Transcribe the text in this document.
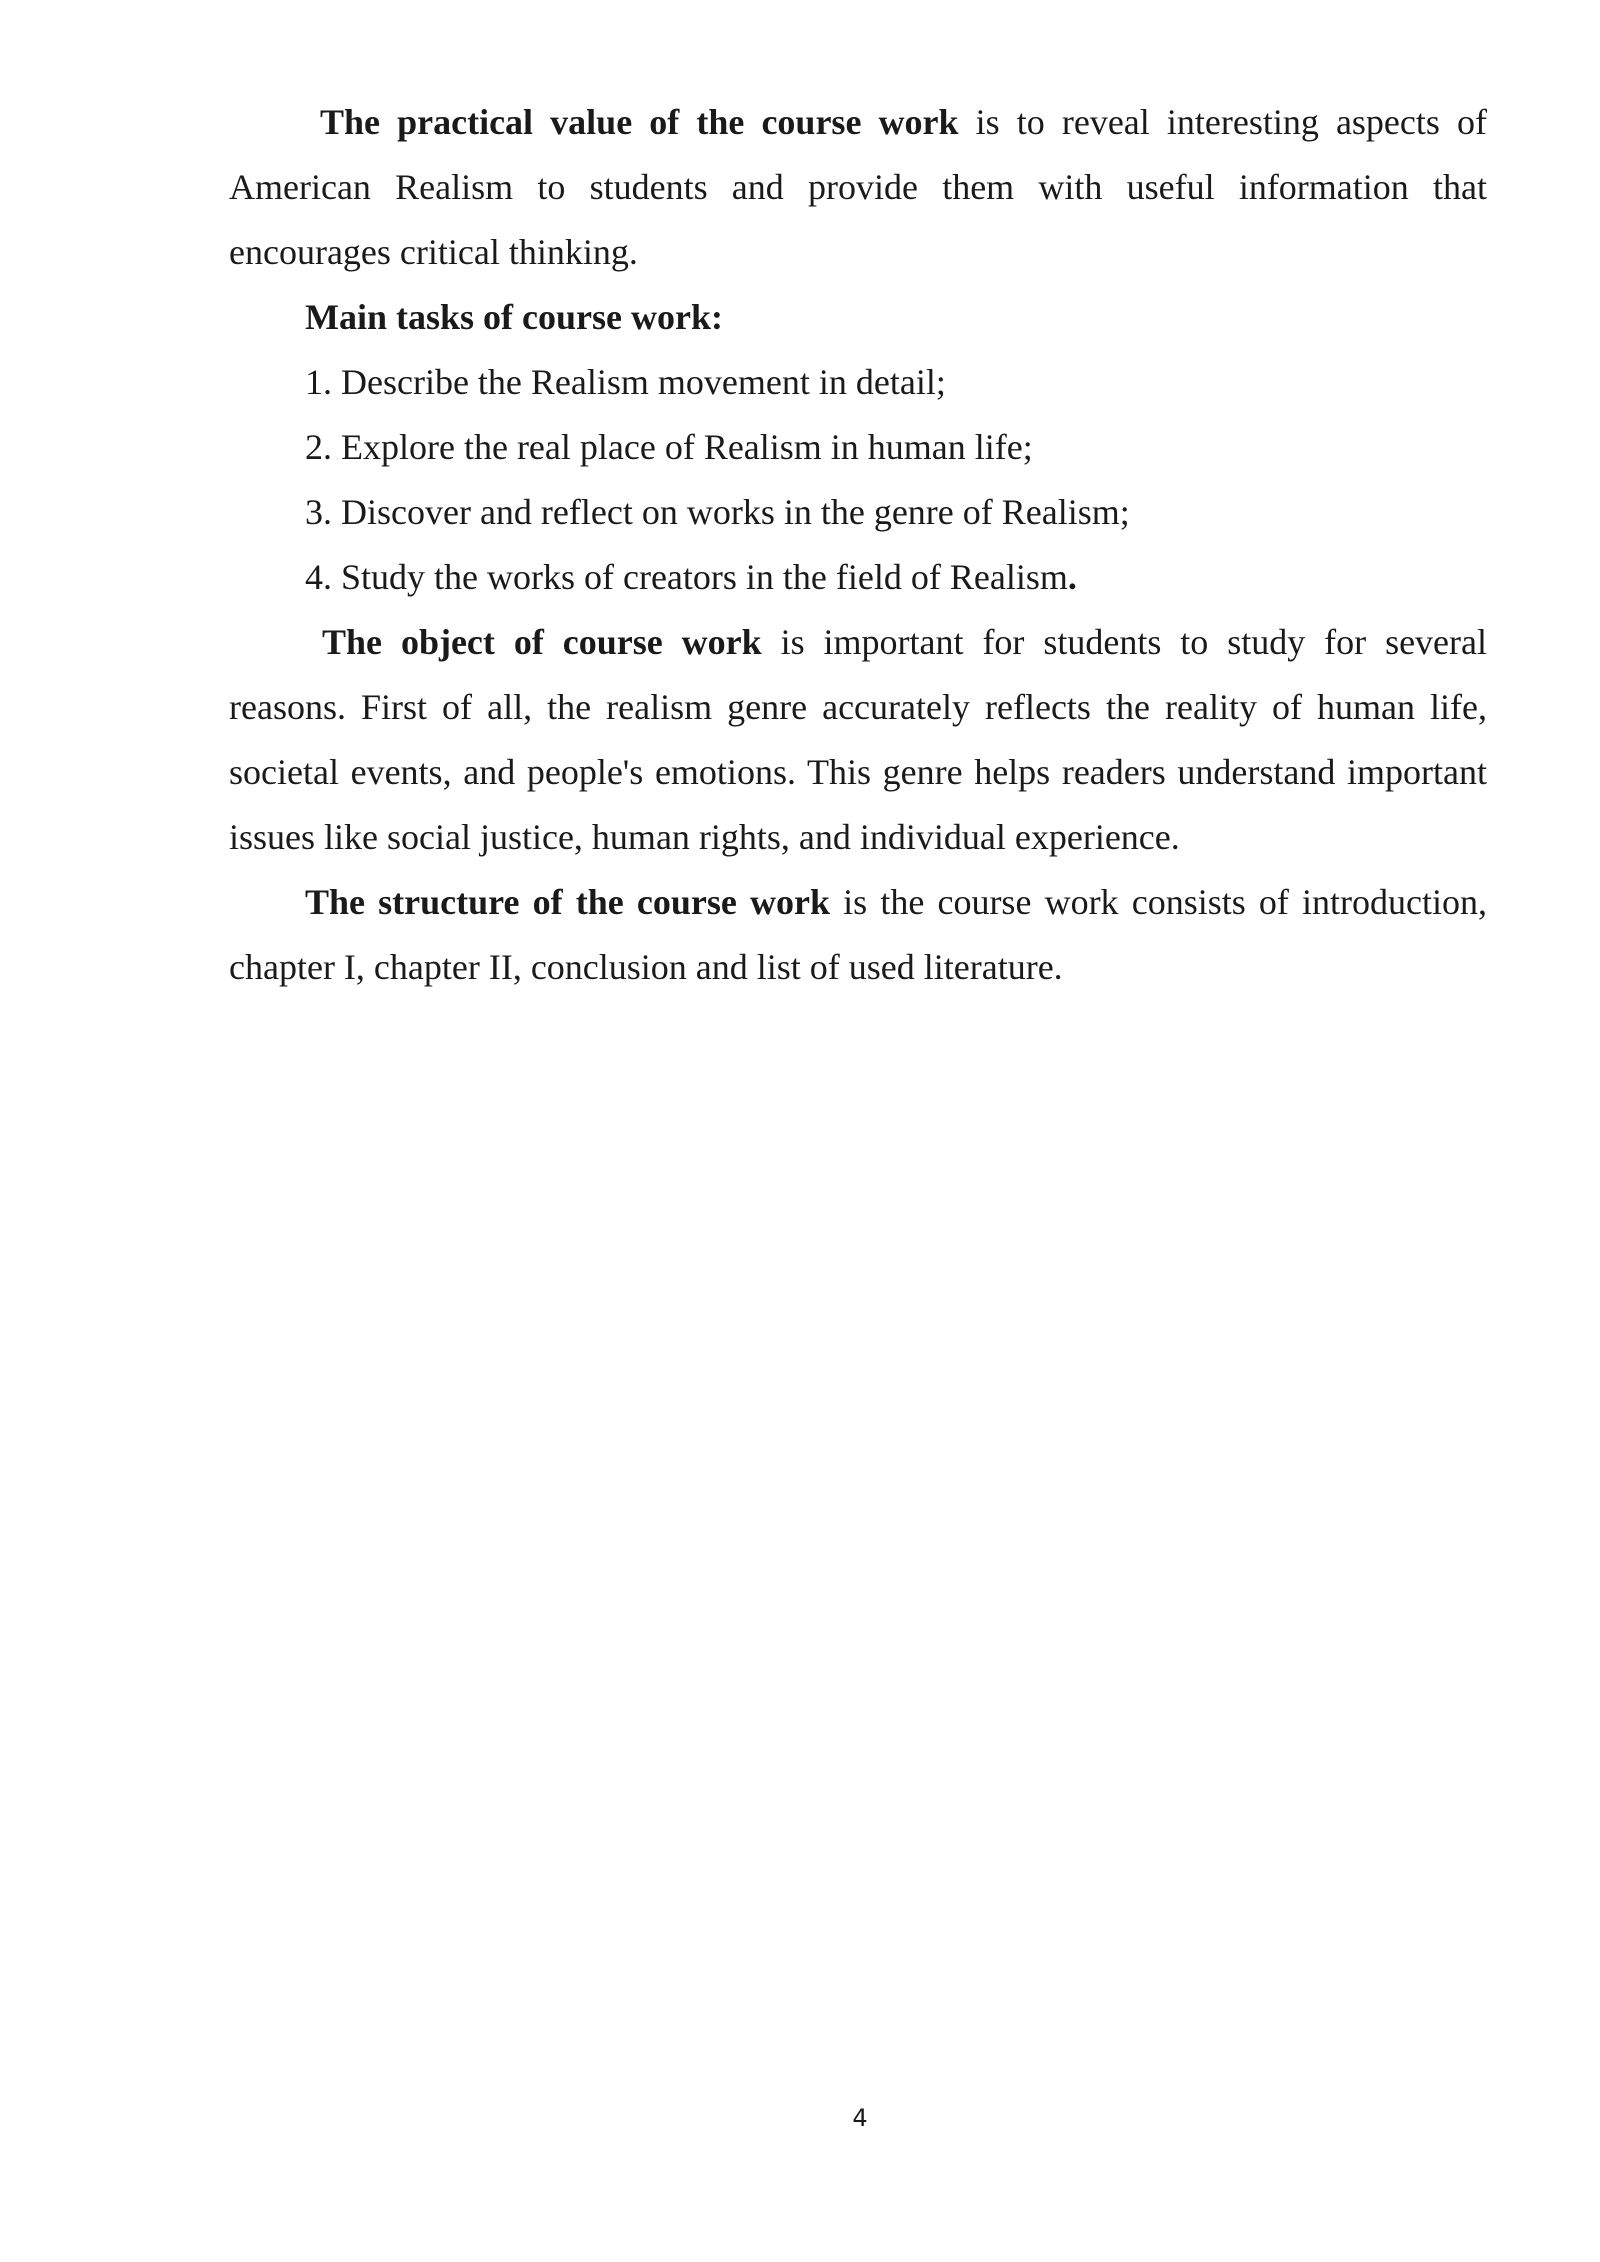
The practical value of the course work is to reveal interesting aspects of American Realism to students and provide them with useful information that encourages critical thinking.

Main tasks of course work:

1. Describe the Realism movement in detail;
2. Explore the real place of Realism in human life;
3. Discover and reflect on works in the genre of Realism;
4. Study the works of creators in the field of Realism.

The object of course work is important for students to study for several reasons. First of all, the realism genre accurately reflects the reality of human life, societal events, and people's emotions. This genre helps readers understand important issues like social justice, human rights, and individual experience.

The structure of the course work is the course work consists of introduction, chapter I, chapter II, conclusion and list of used literature.

4
